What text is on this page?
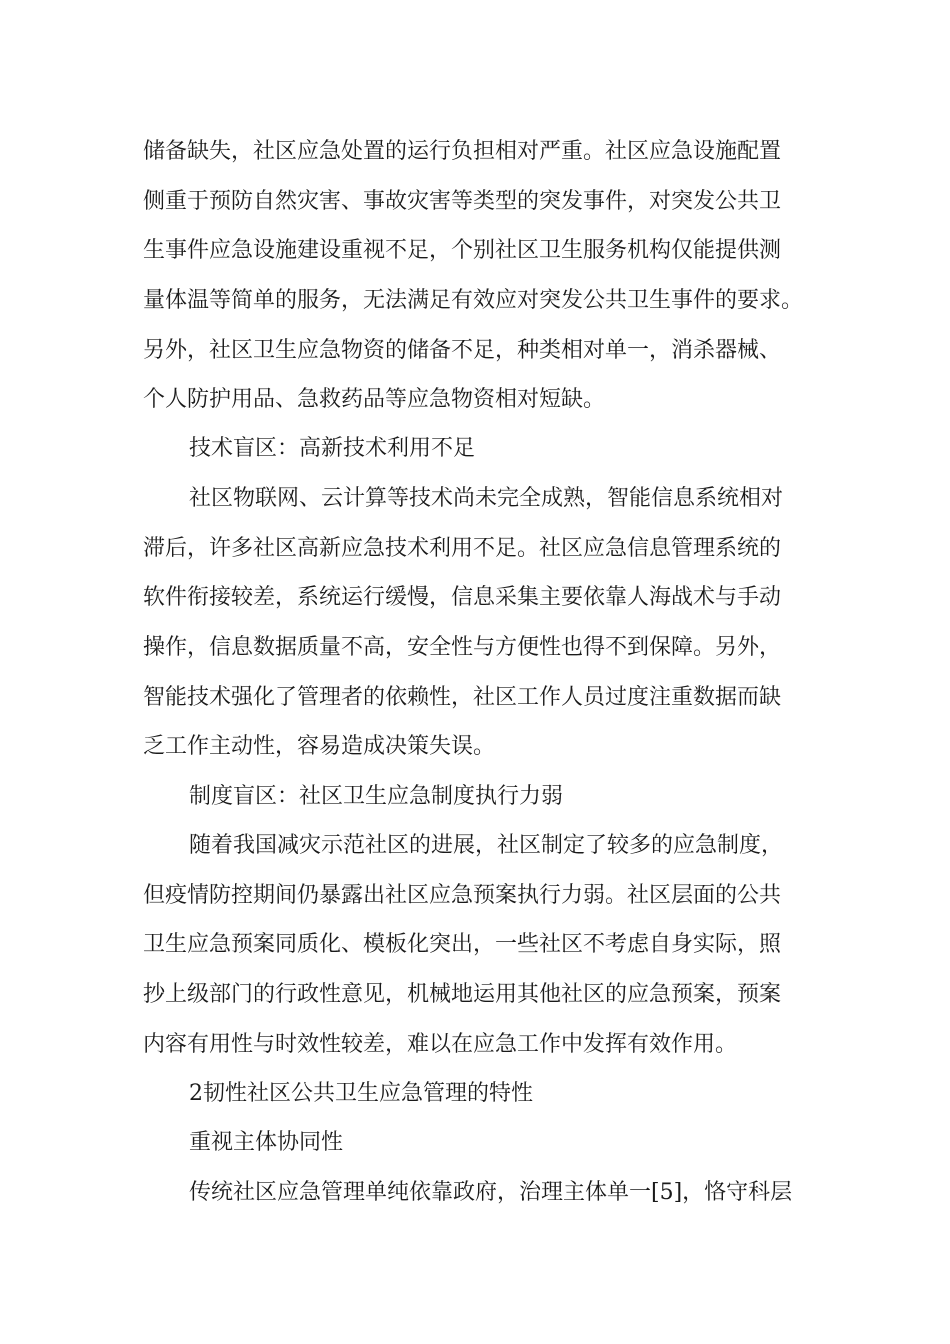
储备缺失，社区应急处置的运行负担相对严重。社区应急设施配置
侧重于预防自然灾害、事故灾害等类型的突发事件，对突发公共卫
生事件应急设施建设重视不足，个别社区卫生服务机构仅能提供测
量体温等简单的服务，无法满足有效应对突发公共卫生事件的要求。
另外，社区卫生应急物资的储备不足，种类相对单一，消杀器械、
个人防护用品、急救药品等应急物资相对短缺。
技术盲区：高新技术利用不足
社区物联网、云计算等技术尚未完全成熟，智能信息系统相对
滞后，许多社区高新应急技术利用不足。社区应急信息管理系统的
软件衔接较差，系统运行缓慢，信息采集主要依靠人海战术与手动
操作，信息数据质量不高，安全性与方便性也得不到保障。另外，
智能技术强化了管理者的依赖性，社区工作人员过度注重数据而缺
乏工作主动性，容易造成决策失误。
制度盲区：社区卫生应急制度执行力弱
随着我国减灾示范社区的进展，社区制定了较多的应急制度，
但疫情防控期间仍暴露出社区应急预案执行力弱。社区层面的公共
卫生应急预案同质化、模板化突出，一些社区不考虑自身实际，照
抄上级部门的行政性意见，机械地运用其他社区的应急预案，预案
内容有用性与时效性较差，难以在应急工作中发挥有效作用。
2韧性社区公共卫生应急管理的特性
重视主体协同性
传统社区应急管理单纯依靠政府，治理主体单一[5]，恪守科层
